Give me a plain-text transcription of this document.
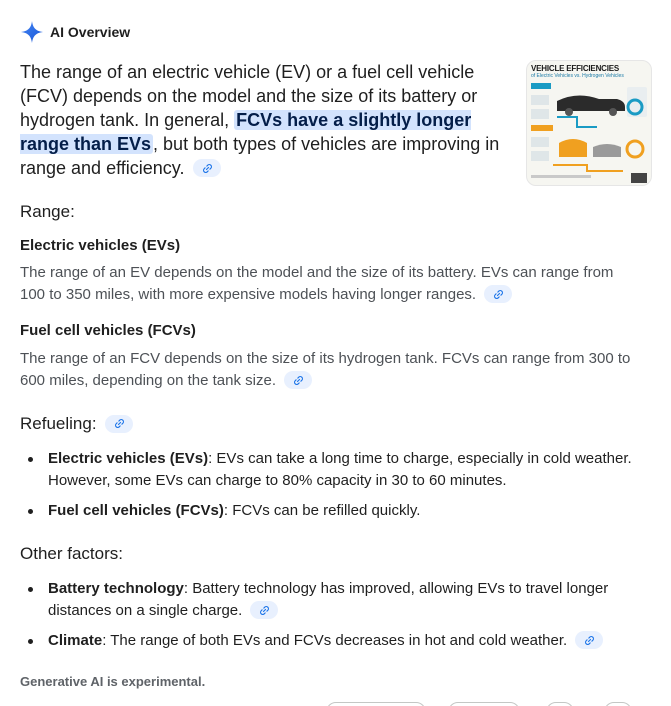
AI Overview
The range of an electric vehicle (EV) or a fuel cell vehicle (FCV) depends on the model and the size of its battery or hydrogen tank. In general, FCVs have a slightly longer range than EVs , but both types of vehicles are improving in range and efficiency.
VEHICLE EFFICIENCIES
of Electric Vehicles vs. Hydrogen Vehicles
Range:
Electric vehicles (EVs)
The range of an EV depends on the model and the size of its battery. EVs can range from 100 to 350 miles, with more expensive models having longer ranges.
Fuel cell vehicles (FCVs)
The range of an FCV depends on the size of its hydrogen tank. FCVs can range from 300 to 600 miles, depending on the tank size.
Refueling:
Electric vehicles (EVs): EVs can take a long time to charge, especially in cold weather. However, some EVs can charge to 80% capacity in 30 to 60 minutes.
Fuel cell vehicles (FCVs): FCVs can be refilled quickly.
Other factors:
Battery technology: Battery technology has improved, allowing EVs to travel longer distances on a single charge.
Climate: The range of both EVs and FCVs decreases in hot and cold weather.
Generative AI is experimental.
